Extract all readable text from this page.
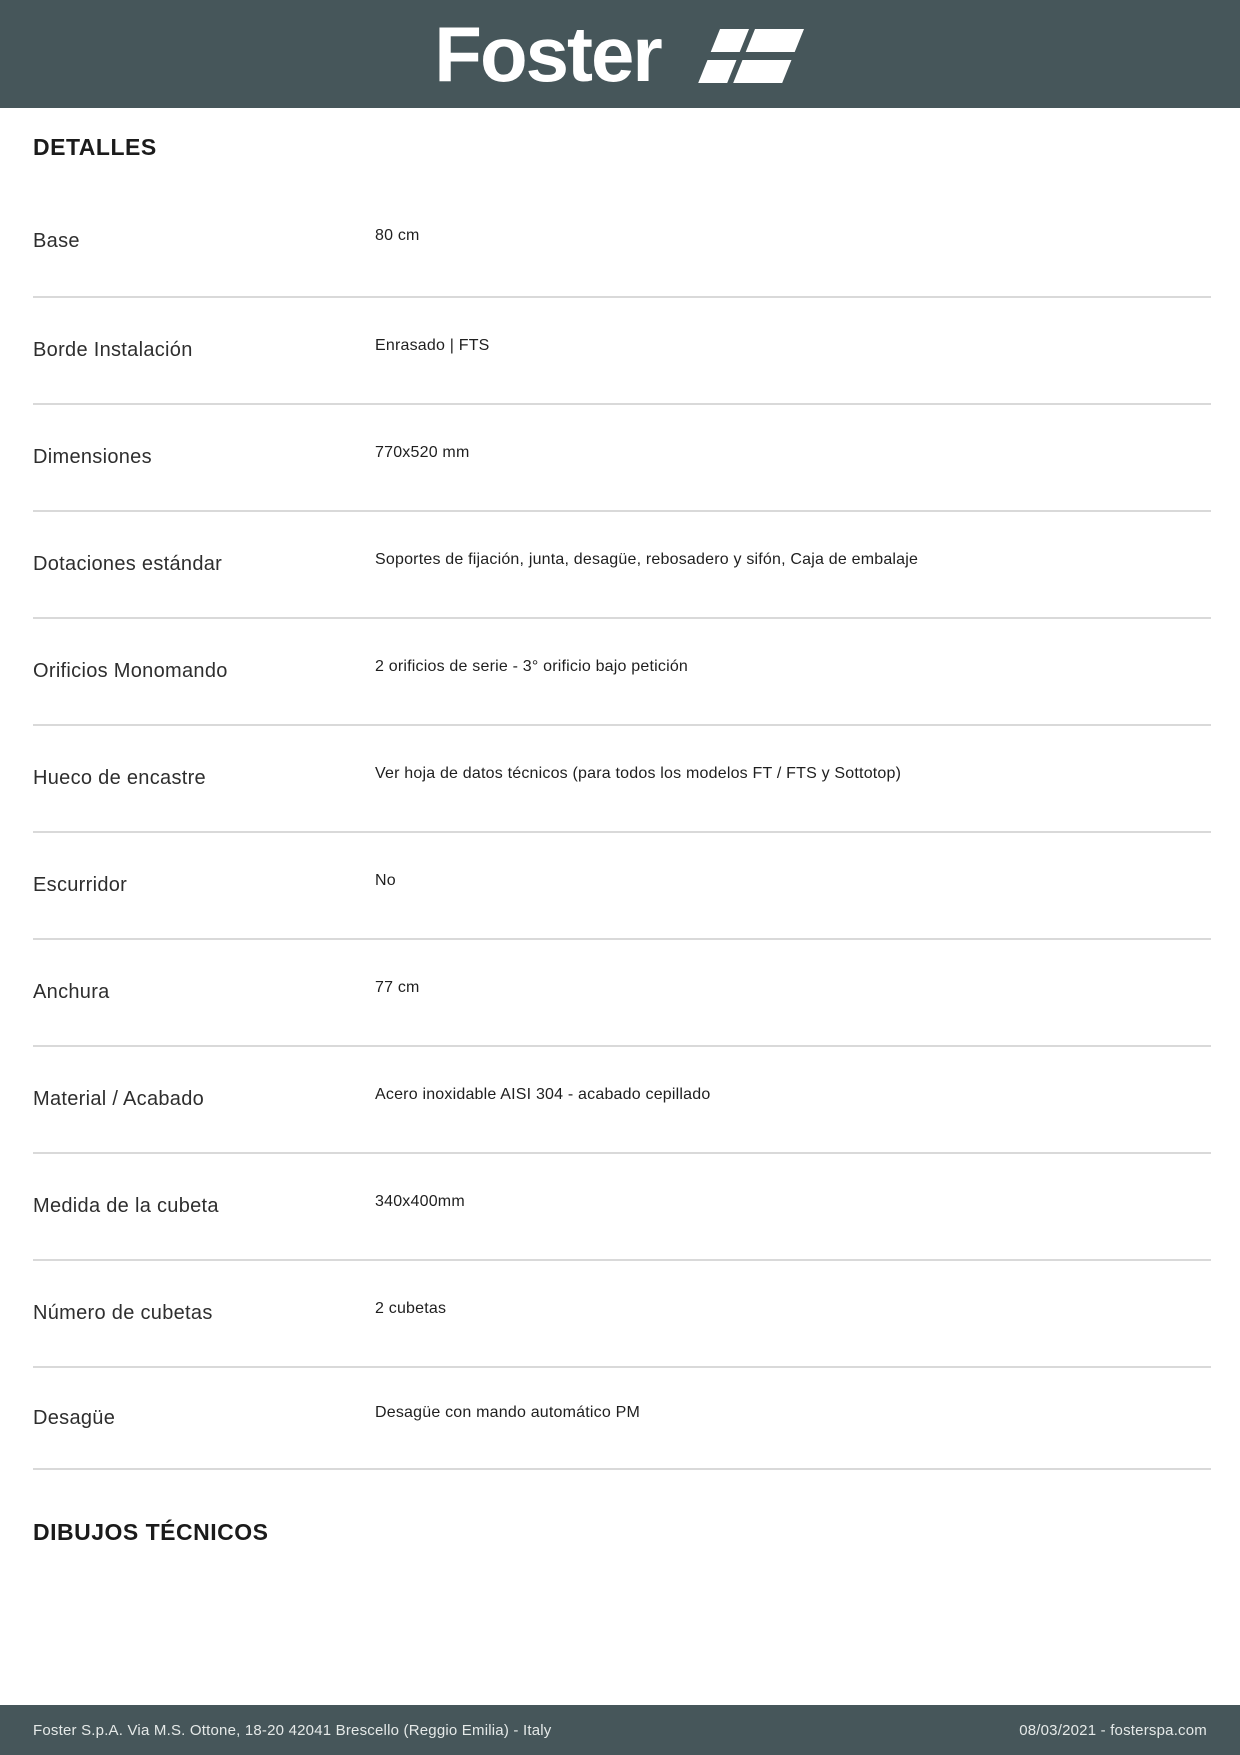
Foster
DETALLES
Base	80 cm
Borde Instalación	Enrasado | FTS
Dimensiones	770x520 mm
Dotaciones estándar	Soportes de fijación, junta, desagüe, rebosadero y sifón, Caja de embalaje
Orificios Monomando	2 orificios de serie - 3° orificio bajo petición
Hueco de encastre	Ver hoja de datos técnicos (para todos los modelos FT / FTS y Sottotop)
Escurridor	No
Anchura	77 cm
Material / Acabado	Acero inoxidable AISI 304 - acabado cepillado
Medida de la cubeta	340x400mm
Número de cubetas	2 cubetas
Desagüe	Desagüe con mando automático PM
DIBUJOS TÉCNICOS
Foster S.p.A. Via M.S. Ottone, 18-20 42041 Brescello (Reggio Emilia) - Italy	08/03/2021 - fosterspa.com
